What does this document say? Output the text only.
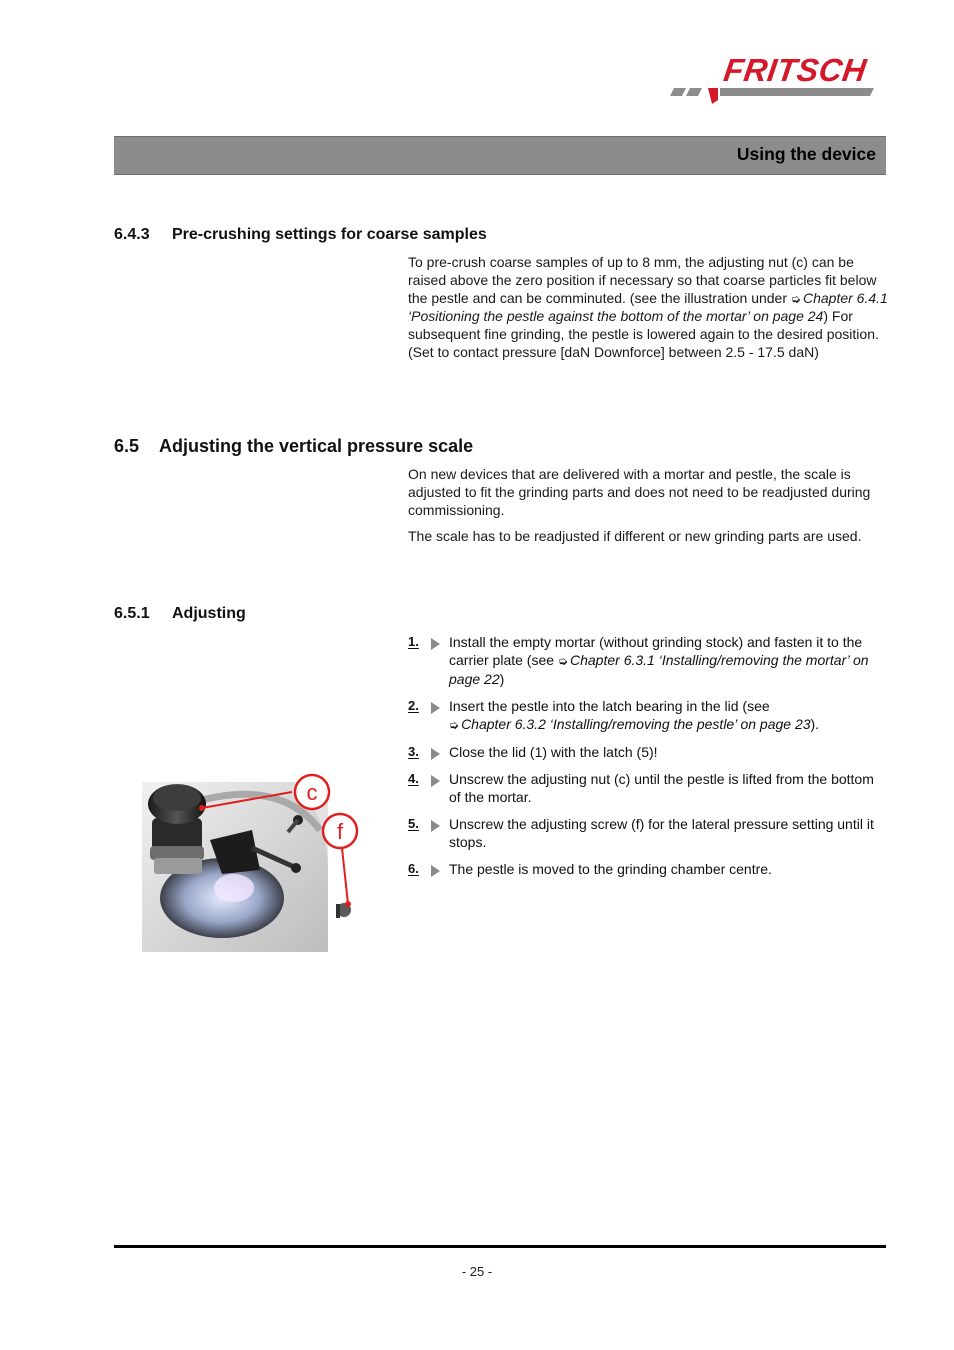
FRITSCH
Using the device
6.4.3 Pre-crushing settings for coarse samples

To pre-crush coarse samples of up to 8 mm, the adjusting nut (c) can be raised above the zero position if necessary so that coarse particles fit below the pestle and can be comminuted. (see the illustration under ➭ Chapter 6.4.1 ‘Positioning the pestle against the bottom of the mortar’ on page 24) For subsequent fine grinding, the pestle is lowered again to the desired position. (Set to contact pressure [daN Downforce] between 2.5 - 17.5 daN)

6.5 Adjusting the vertical pressure scale

On new devices that are delivered with a mortar and pestle, the scale is adjusted to fit the grinding parts and does not need to be readjusted during commissioning.

The scale has to be readjusted if different or new grinding parts are used.

6.5.1 Adjusting
1.	Install the empty mortar (without grinding stock) and fasten it to the carrier plate (see ➭ Chapter 6.3.1 ‘Installing/removing the mortar’ on page 22)
2.	Insert the pestle into the latch bearing in the lid (see
➭ Chapter 6.3.2 ‘Installing/removing the pestle’ on page 23).
3.	Close the lid (1) with the latch (5)!
4.	Unscrew the adjusting nut (c) until the pestle is lifted from the bottom of the mortar.
5.	Unscrew the adjusting screw (f) for the lateral pressure setting until it stops.
6.	The pestle is moved to the grinding chamber centre.
c
f
- 25 -
